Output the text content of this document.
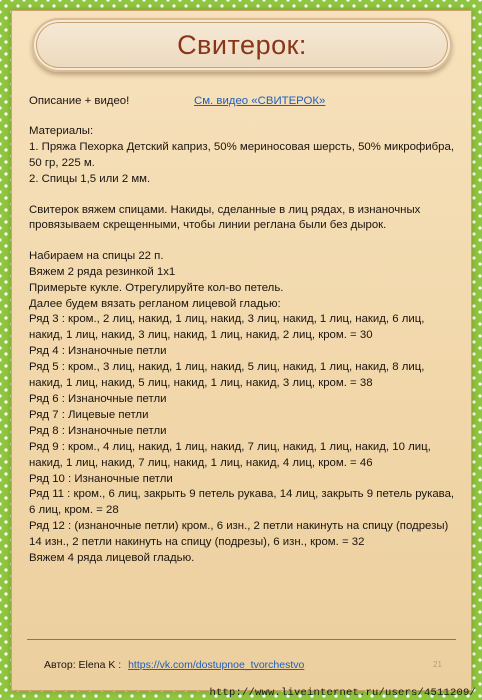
Свитерок:
Описание + видео!	См. видео «СВИТЕРОК»

Материалы:

1. Пряжа Пехорка Детский каприз, 50% мериносовая шерсть, 50% микрофибра, 50 гр, 225 м.

2. Спицы 1,5 или 2 мм.

Свитерок вяжем спицами. Накиды, сделанные в лиц рядах, в изнаночных провязываем скрещенными, чтобы линии реглана были без дырок.

Набираем на спицы 22 п.

Вяжем 2 ряда резинкой 1х1

Примерьте кукле. Отрегулируйте кол-во петель.

Далее будем вязать регланом лицевой гладью:

Ряд 3 : кром., 2 лиц, накид, 1 лиц, накид, 3 лиц, накид, 1 лиц, накид, 6 лиц, накид, 1 лиц, накид, 3 лиц, накид, 1 лиц, накид, 2 лиц, кром. = 30

Ряд 4 : Изнаночные петли

Ряд 5 : кром., 3 лиц, накид, 1 лиц, накид, 5 лиц, накид, 1 лиц, накид, 8 лиц, накид, 1 лиц, накид, 5 лиц, накид, 1 лиц, накид, 3 лиц, кром. = 38

Ряд 6 : Изнаночные петли

Ряд 7 : Лицевые петли

Ряд 8 : Изнаночные петли

Ряд 9 : кром., 4 лиц, накид, 1 лиц, накид, 7 лиц, накид, 1 лиц, накид, 10 лиц, накид, 1 лиц, накид, 7 лиц, накид, 1 лиц, накид, 4 лиц, кром. = 46

Ряд 10 : Изнаночные петли

Ряд 11 : кром., 6 лиц, закрыть 9 петель рукава, 14 лиц, закрыть 9 петель рукава, 6 лиц, кром. = 28

Ряд 12 : (изнаночные петли) кром., 6 изн., 2 петли накинуть на спицу (подрезы) 14 изн., 2 петли накинуть на спицу (подрезы), 6 изн., кром. = 32

Вяжем 4 ряда лицевой гладью.

Автор: Elena K : https://vk.com/dostupnoe_tvorchestvo	21
http://www.liveinternet.ru/users/4511209/
